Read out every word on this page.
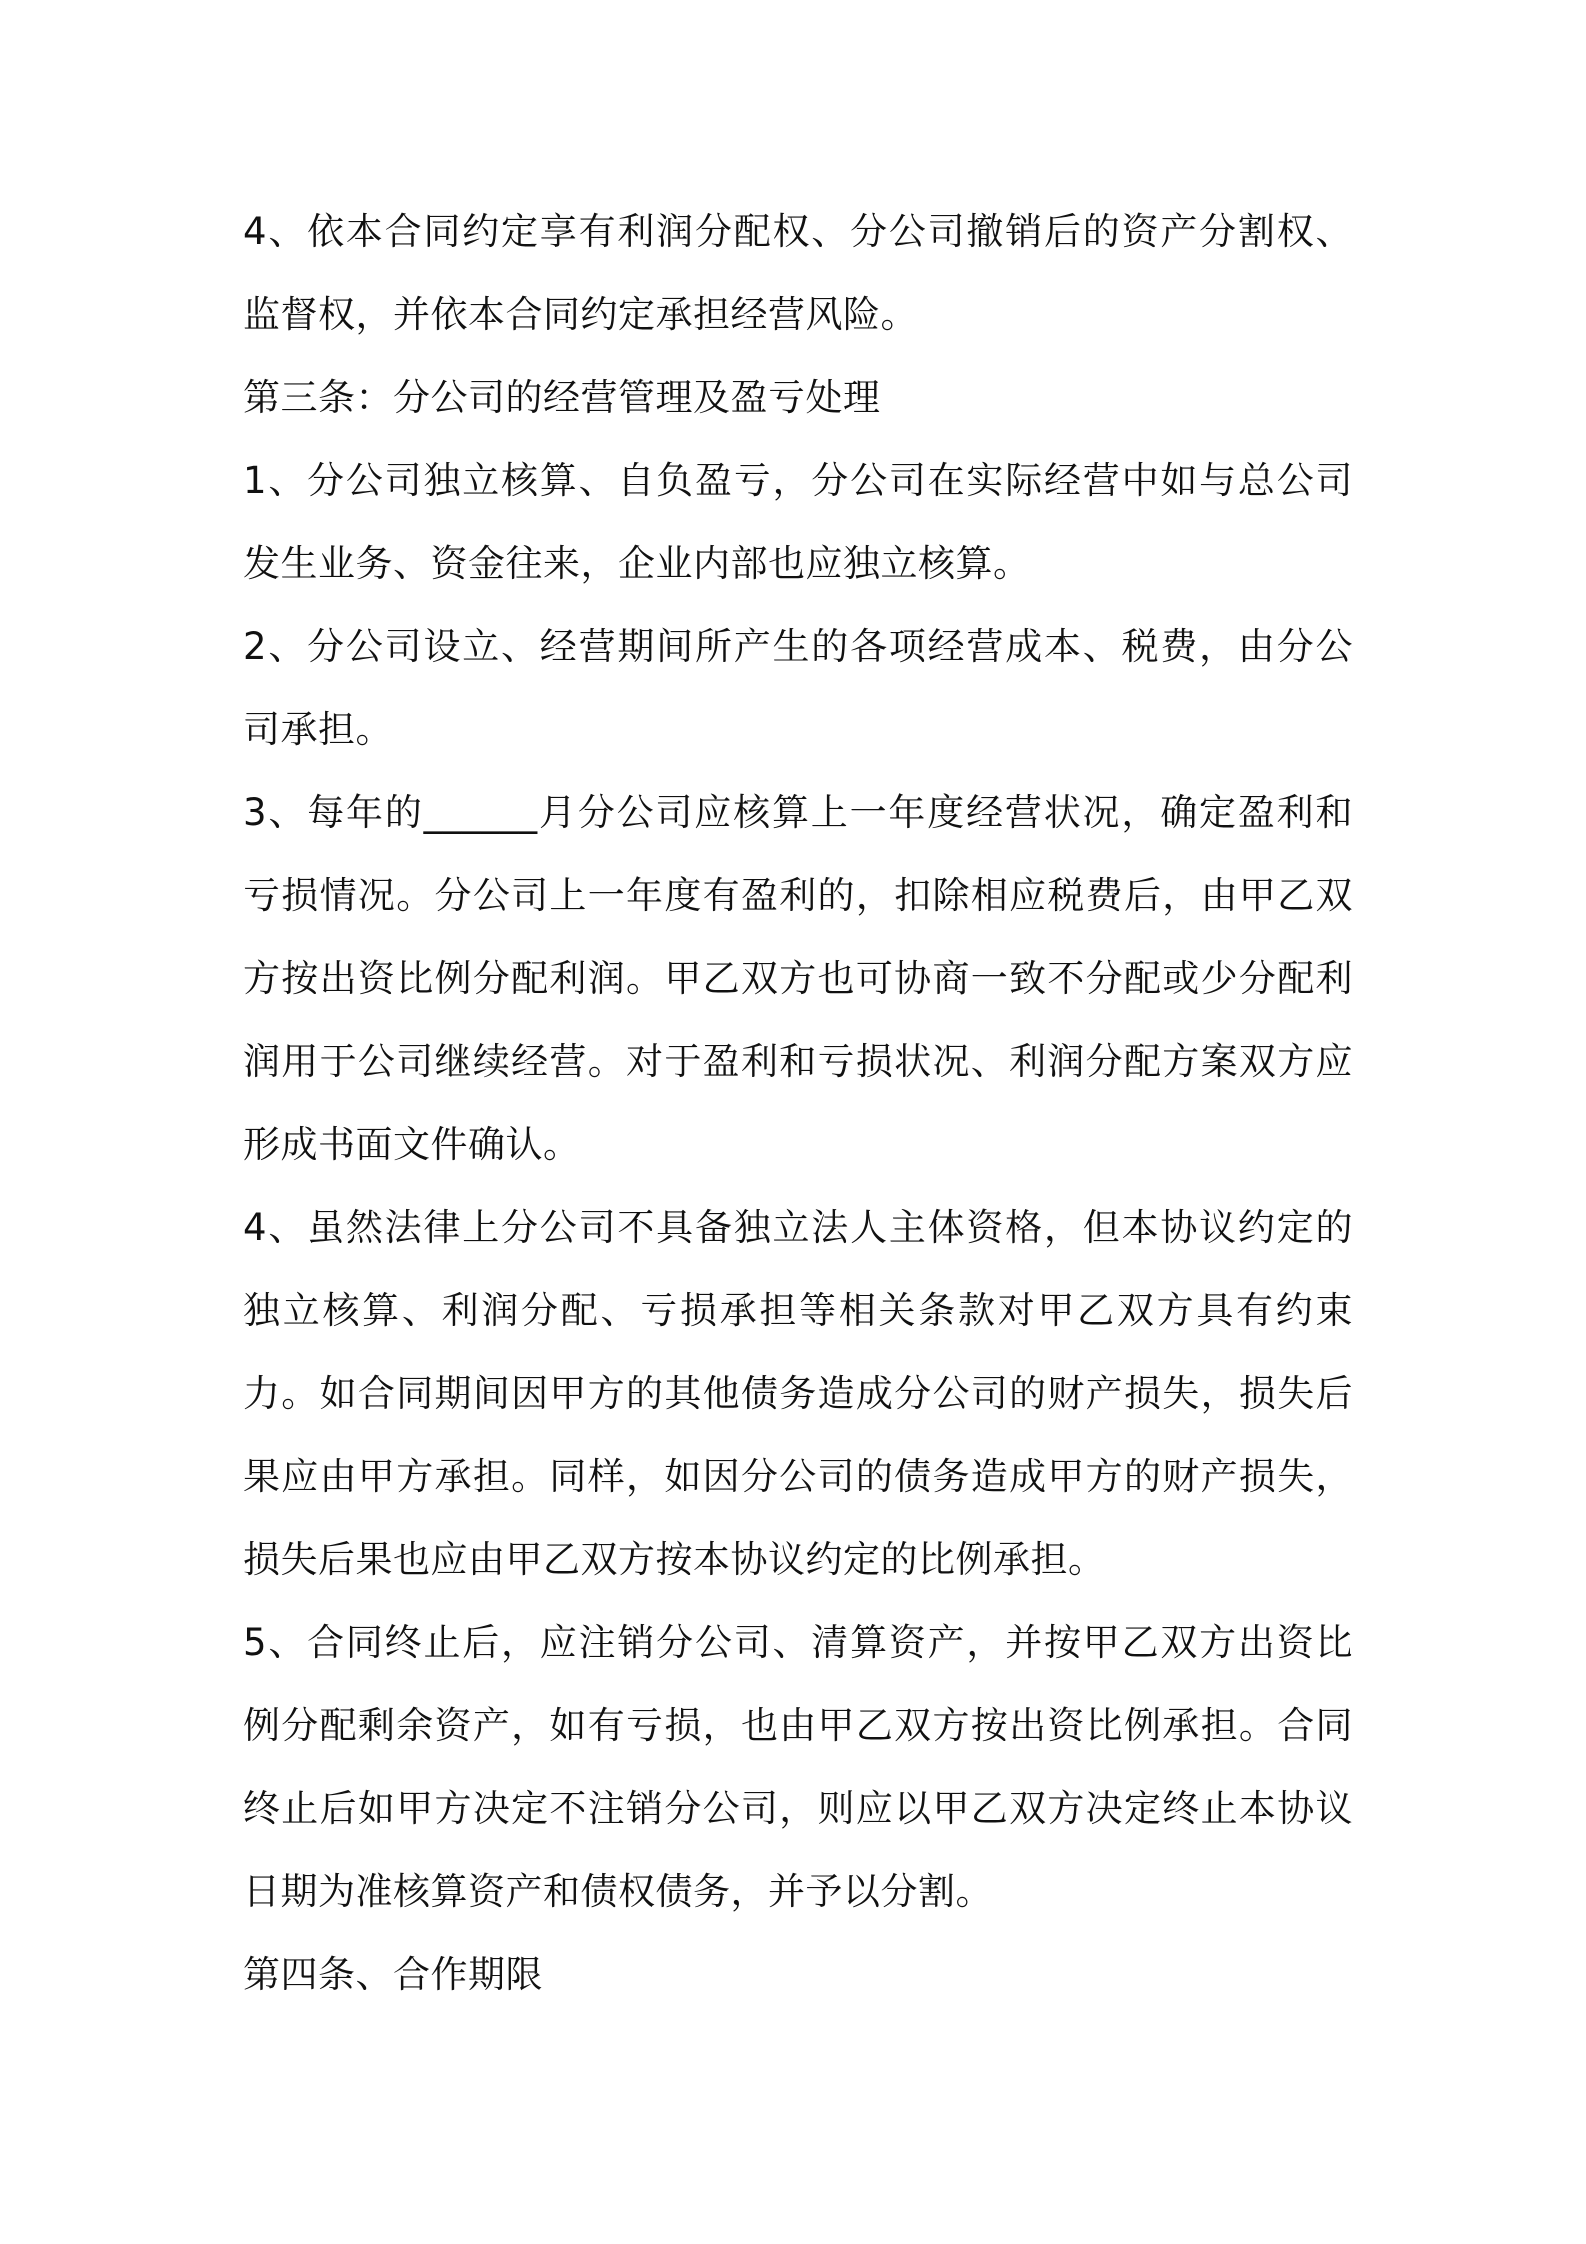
4、依本合同约定享有利润分配权、分公司撤销后的资产分割权、监督权，并依本合同约定承担经营风险。

第三条：分公司的经营管理及盈亏处理

1、分公司独立核算、自负盈亏，分公司在实际经营中如与总公司发生业务、资金往来，企业内部也应独立核算。

2、分公司设立、经营期间所产生的各项经营成本、税费，由分公司承担。

3、每年的______月分公司应核算上一年度经营状况，确定盈利和亏损情况。分公司上一年度有盈利的，扣除相应税费后，由甲乙双方按出资比例分配利润。甲乙双方也可协商一致不分配或少分配利润用于公司继续经营。对于盈利和亏损状况、利润分配方案双方应形成书面文件确认。

4、虽然法律上分公司不具备独立法人主体资格，但本协议约定的独立核算、利润分配、亏损承担等相关条款对甲乙双方具有约束力。如合同期间因甲方的其他债务造成分公司的财产损失，损失后果应由甲方承担。同样，如因分公司的债务造成甲方的财产损失，损失后果也应由甲乙双方按本协议约定的比例承担。

5、合同终止后，应注销分公司、清算资产，并按甲乙双方出资比例分配剩余资产，如有亏损，也由甲乙双方按出资比例承担。合同终止后如甲方决定不注销分公司，则应以甲乙双方决定终止本协议日期为准核算资产和债权债务，并予以分割。

第四条、合作期限
